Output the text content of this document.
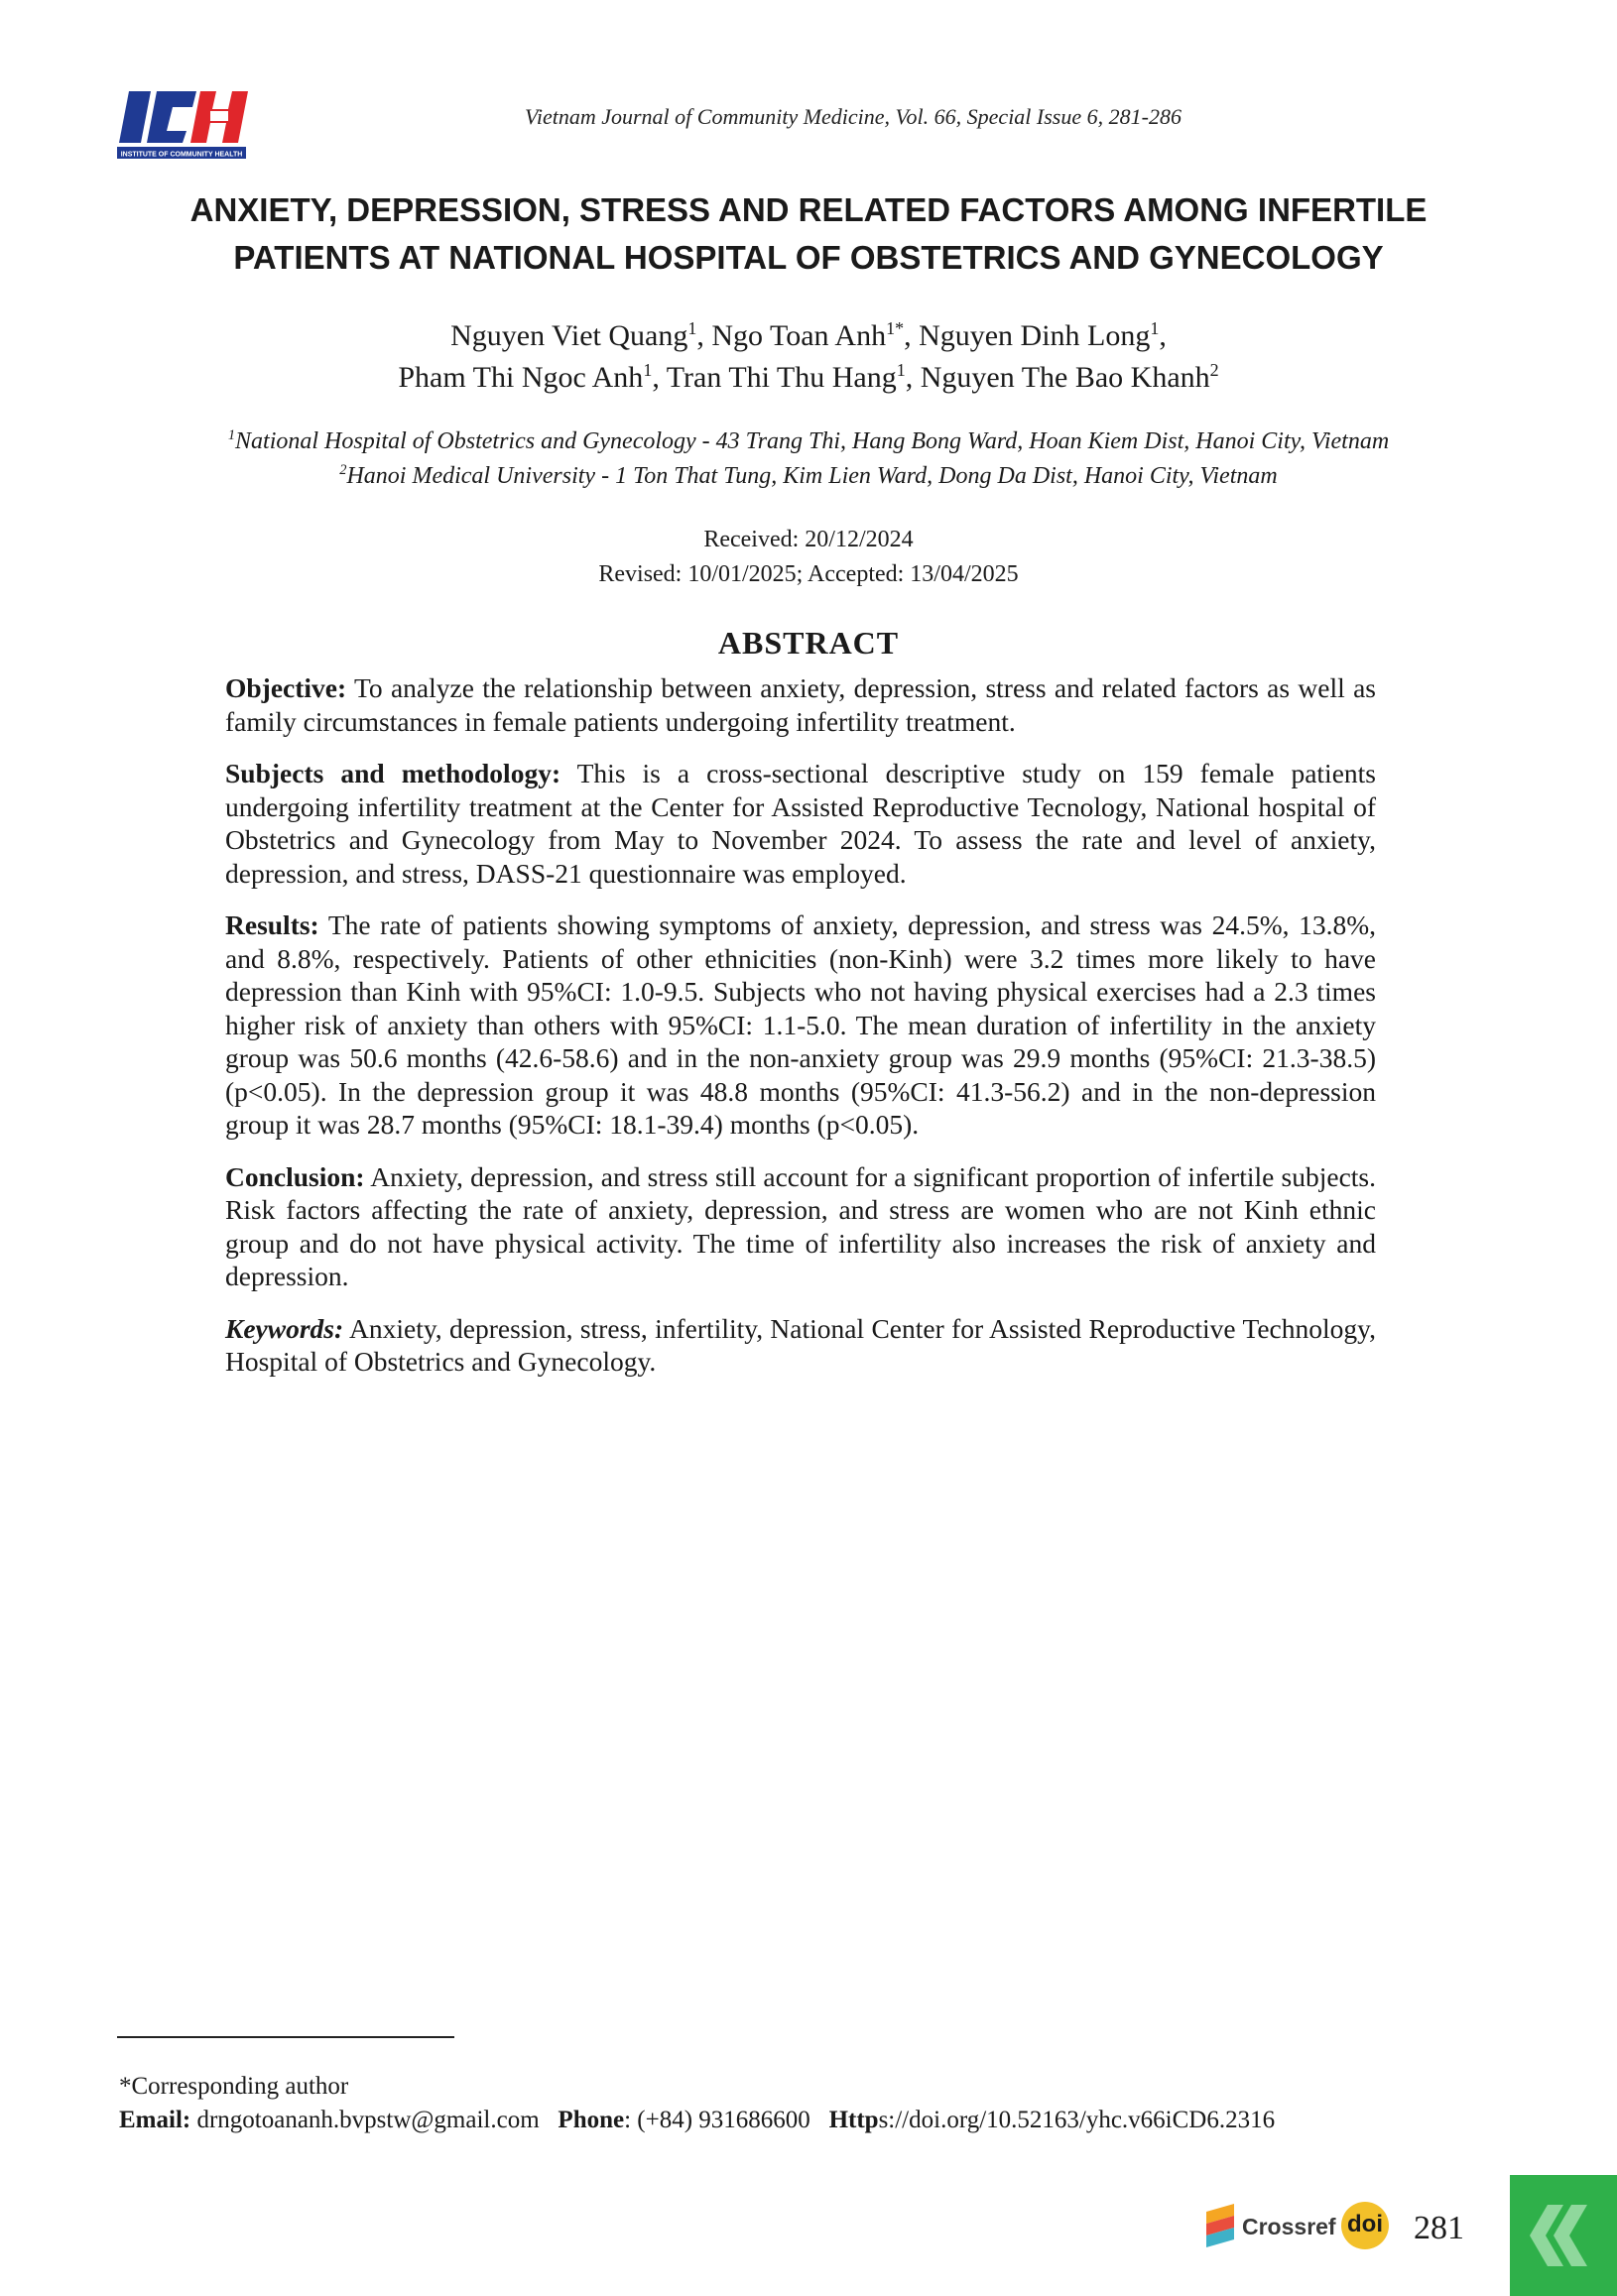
INSTITUTE OF COMMUNITY HEALTH
Vietnam Journal of Community Medicine, Vol. 66, Special Issue 6, 281-286
ANXIETY, DEPRESSION, STRESS AND RELATED FACTORS AMONG INFERTILE
PATIENTS AT NATIONAL HOSPITAL OF OBSTETRICS AND GYNECOLOGY
Nguyen Viet Quang$^1$, Ngo Toan Anh$^{1*}$, Nguyen Dinh Long$^1$,
Pham Thi Ngoc Anh$^1$, Tran Thi Thu Hang$^1$, Nguyen The Bao Khanh$^2$
$^1$National Hospital of Obstetrics and Gynecology - 43 Trang Thi, Hang Bong Ward, Hoan Kiem Dist, Hanoi City, Vietnam
$^2$Hanoi Medical University - 1 Ton That Tung, Kim Lien Ward, Dong Da Dist, Hanoi City, Vietnam
Received: 20/12/2024
Revised: 10/01/2025; Accepted: 13/04/2025
ABSTRACT

Objective: To analyze the relationship between anxiety, depression, stress and related factors as well as family circumstances in female patients undergoing infertility treatment.

Subjects and methodology: This is a cross-sectional descriptive study on 159 female patients undergoing infertility treatment at the Center for Assisted Reproductive Tecnology, National hospital of Obstetrics and Gynecology from May to November 2024. To assess the rate and level of anxiety, depression, and stress, DASS-21 questionnaire was employed.

Results: The rate of patients showing symptoms of anxiety, depression, and stress was 24.5%, 13.8%, and 8.8%, respectively. Patients of other ethnicities (non-Kinh) were 3.2 times more likely to have depression than Kinh with 95%CI: 1.0-9.5. Subjects who not having physical exercises had a 2.3 times higher risk of anxiety than others with 95%CI: 1.1-5.0. The mean duration of infertility in the anxiety group was 50.6 months (42.6-58.6) and in the non-anxiety group was 29.9 months (95%CI: 21.3-38.5) (p<0.05). In the depression group it was 48.8 months (95%CI: 41.3-56.2) and in the non-depression group it was 28.7 months (95%CI: 18.1-39.4) months (p<0.05).

Conclusion: Anxiety, depression, and stress still account for a significant proportion of infertile subjects. Risk factors affecting the rate of anxiety, depression, and stress are women who are not Kinh ethnic group and do not have physical activity. The time of infertility also increases the risk of anxiety and depression.

Keywords: Anxiety, depression, stress, infertility, National Center for Assisted Reproductive Technology, Hospital of Obstetrics and Gynecology.

*Corresponding author
Email: drngotoananh.bvpstw@gmail.com Phone: (+84) 931686600 Https://doi.org/10.52163/yhc.v66iCD6.2316
Crossref doi 281
